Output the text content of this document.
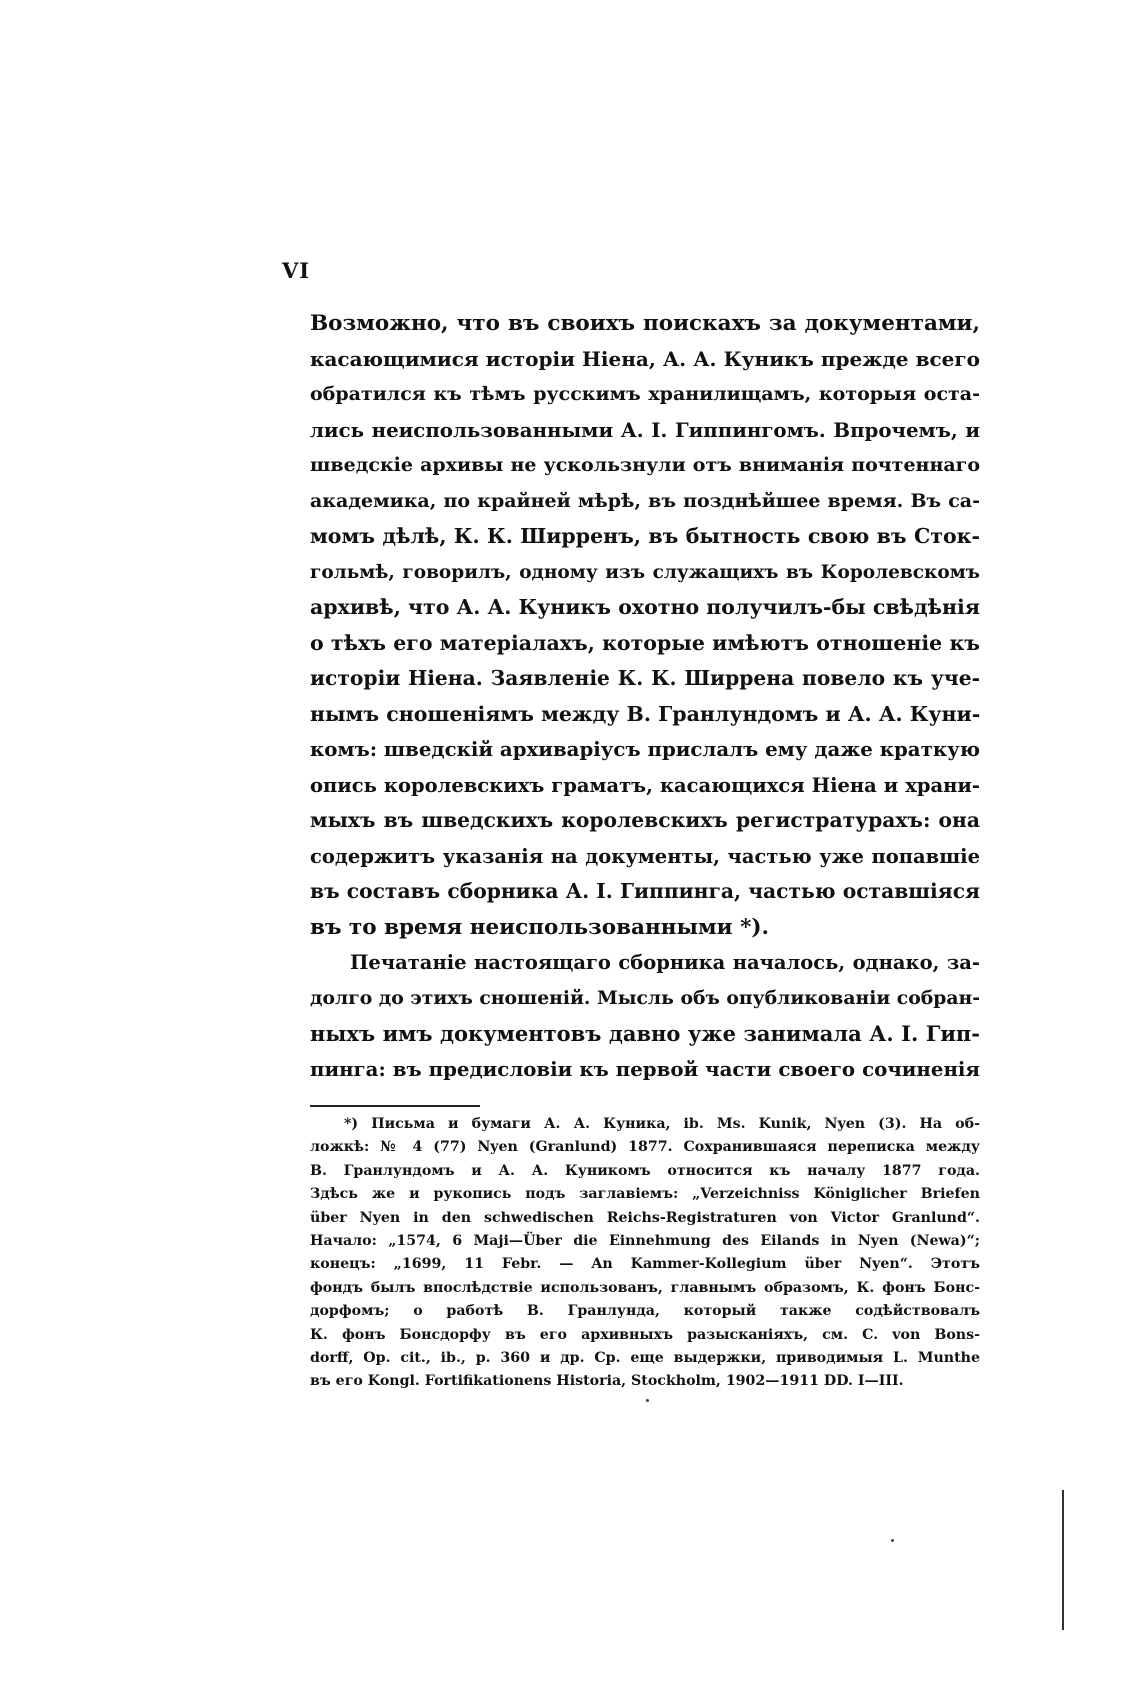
VI
Возможно, что въ своихъ поискахъ за документами,
касающимися исторіи Ніена, А. А. Куникъ прежде всего
обратился къ тѣмъ русскимъ хранилищамъ, которыя оста-
лись неиспользованными А. І. Гиппингомъ. Впрочемъ, и
шведскіе архивы не ускользнули отъ вниманія почтеннаго
академика, по крайней мѣрѣ, въ позднѣйшее время. Въ са-
момъ дѣлѣ, К. К. Ширренъ, въ бытность свою въ Сток-
гольмѣ, говорилъ, одному изъ служащихъ въ Королевскомъ
архивѣ, что А. А. Куникъ охотно получилъ-бы свѣдѣнія
о тѣхъ его матеріалахъ, которые имѣютъ отношеніе къ
исторіи Ніена. Заявленіе К. К. Ширрена повело къ уче-
нымъ сношеніямъ между В. Гранлундомъ и А. А. Куни-
комъ: шведскій архиваріусъ прислалъ ему даже краткую
опись королевскихъ граматъ, касающихся Ніена и храни-
мыхъ въ шведскихъ королевскихъ регистратурахъ: она
содержитъ указанія на документы, частью уже попавшіе
въ составъ сборника А. І. Гиппинга, частью оставшіяся
въ то время неиспользованными *).
Печатаніе настоящаго сборника началось, однако, за-
долго до этихъ сношеній. Мысль объ опубликованіи собран-
ныхъ имъ документовъ давно уже занимала А. І. Гип-
пинга: въ предисловіи къ первой части своего сочиненія
*) Письма и бумаги А. А. Куника, ib. Ms. Kunik, Nyen (3). На об-
ложкѣ: № 4 (77) Nyen (Granlund) 1877. Сохранившаяся переписка между
В. Гранлундомъ и А. А. Куникомъ относится къ началу 1877 года.
Здѣсь же и рукопись подъ заглавіемъ: „Verzeichniss Königlicher Briefen
über Nyen in den schwedischen Reichs-Registraturen von Victor Granlund“.
Начало: „1574, 6 Maji—Über die Einnehmung des Eilands in Nyen (Newa)“;
конецъ: „1699, 11 Febr. — An Kammer-Kollegium über Nyen“. Этотъ
фондъ былъ впослѣдствіе использованъ, главнымъ образомъ, К. фонъ Бонс-
дорфомъ; о работѣ В. Гранлунда, который также содѣйствовалъ
К. фонъ Бонсдорфу въ его архивныхъ разысканіяхъ, см. C. von Bons-
dorff, Op. cit., ib., p. 360 и др. Ср. еще выдержки, приводимыя L. Munthe
въ его Kongl. Fortifikationens Historia, Stockholm, 1902—1911 DD. I—III.
